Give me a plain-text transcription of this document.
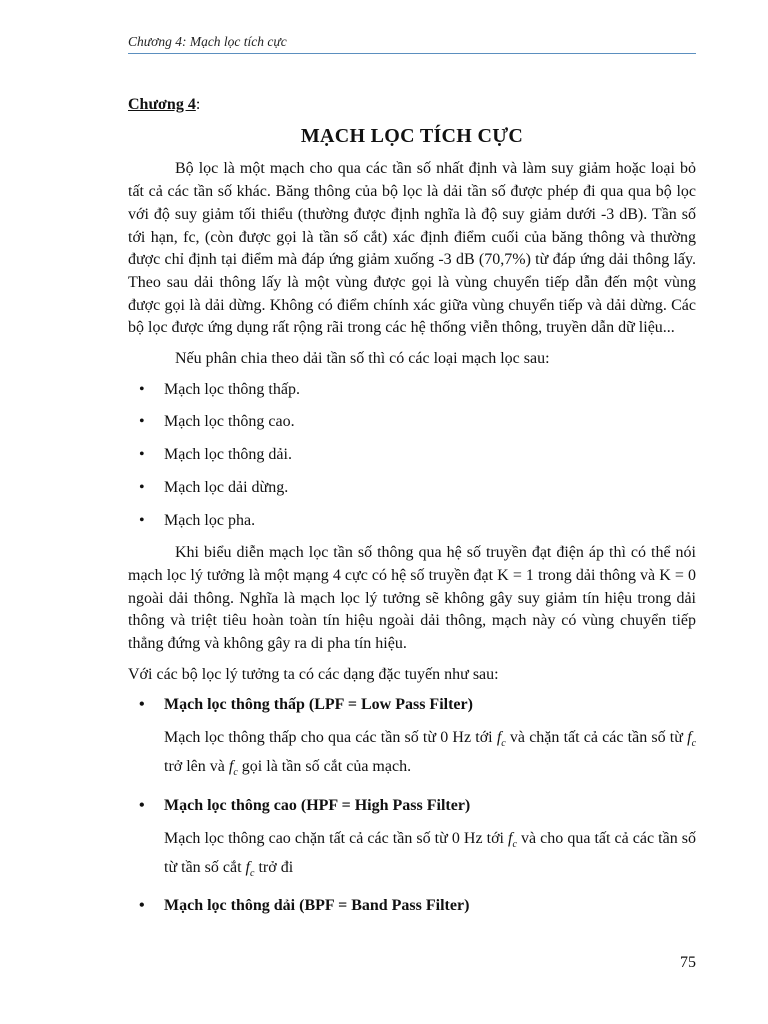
Chương 4: Mạch lọc tích cực
Chương 4:
MẠCH LỌC TÍCH CỰC

Bộ lọc là một mạch cho qua các tần số nhất định và làm suy giảm hoặc loại bỏ tất cả các tần số khác. Băng thông của bộ lọc là dải tần số được phép đi qua qua bộ lọc với độ suy giảm tối thiểu (thường được định nghĩa là độ suy giảm dưới -3 dB). Tần số tới hạn, fc, (còn được gọi là tần số cắt) xác định điểm cuối của băng thông và thường được chỉ định tại điểm mà đáp ứng giảm xuống -3 dB (70,7%) từ đáp ứng dải thông lấy. Theo sau dải thông lấy là một vùng được gọi là vùng chuyển tiếp dẫn đến một vùng được gọi là dải dừng. Không có điểm chính xác giữa vùng chuyển tiếp và dải dừng. Các bộ lọc được ứng dụng rất rộng rãi trong các hệ thống viễn thông, truyền dẫn dữ liệu...

Nếu phân chia theo dải tần số thì có các loại mạch lọc sau:

• Mạch lọc thông thấp.
• Mạch lọc thông cao.
• Mạch lọc thông dải.
• Mạch lọc dải dừng.
• Mạch lọc pha.

Khi biểu diễn mạch lọc tần số thông qua hệ số truyền đạt điện áp thì có thể nói mạch lọc lý tưởng là một mạng 4 cực có hệ số truyền đạt K = 1 trong dải thông và K = 0 ngoài dải thông. Nghĩa là mạch lọc lý tưởng sẽ không gây suy giảm tín hiệu trong dải thông và triệt tiêu hoàn toàn tín hiệu ngoài dải thông, mạch này có vùng chuyển tiếp thẳng đứng và không gây ra di pha tín hiệu.

Với các bộ lọc lý tưởng ta có các dạng đặc tuyến như sau:

• Mạch lọc thông thấp (LPF = Low Pass Filter)

Mạch lọc thông thấp cho qua các tần số từ 0 Hz tới $f_c$ và chặn tất cả các tần số từ $f_c$ trở lên và $f_c$ gọi là tần số cắt của mạch.

• Mạch lọc thông cao (HPF = High Pass Filter)

Mạch lọc thông cao chặn tất cả các tần số từ 0 Hz tới $f_c$ và cho qua tất cả các tần số từ tần số cắt $f_c$ trở đi

• Mạch lọc thông dải (BPF = Band Pass Filter)
75
